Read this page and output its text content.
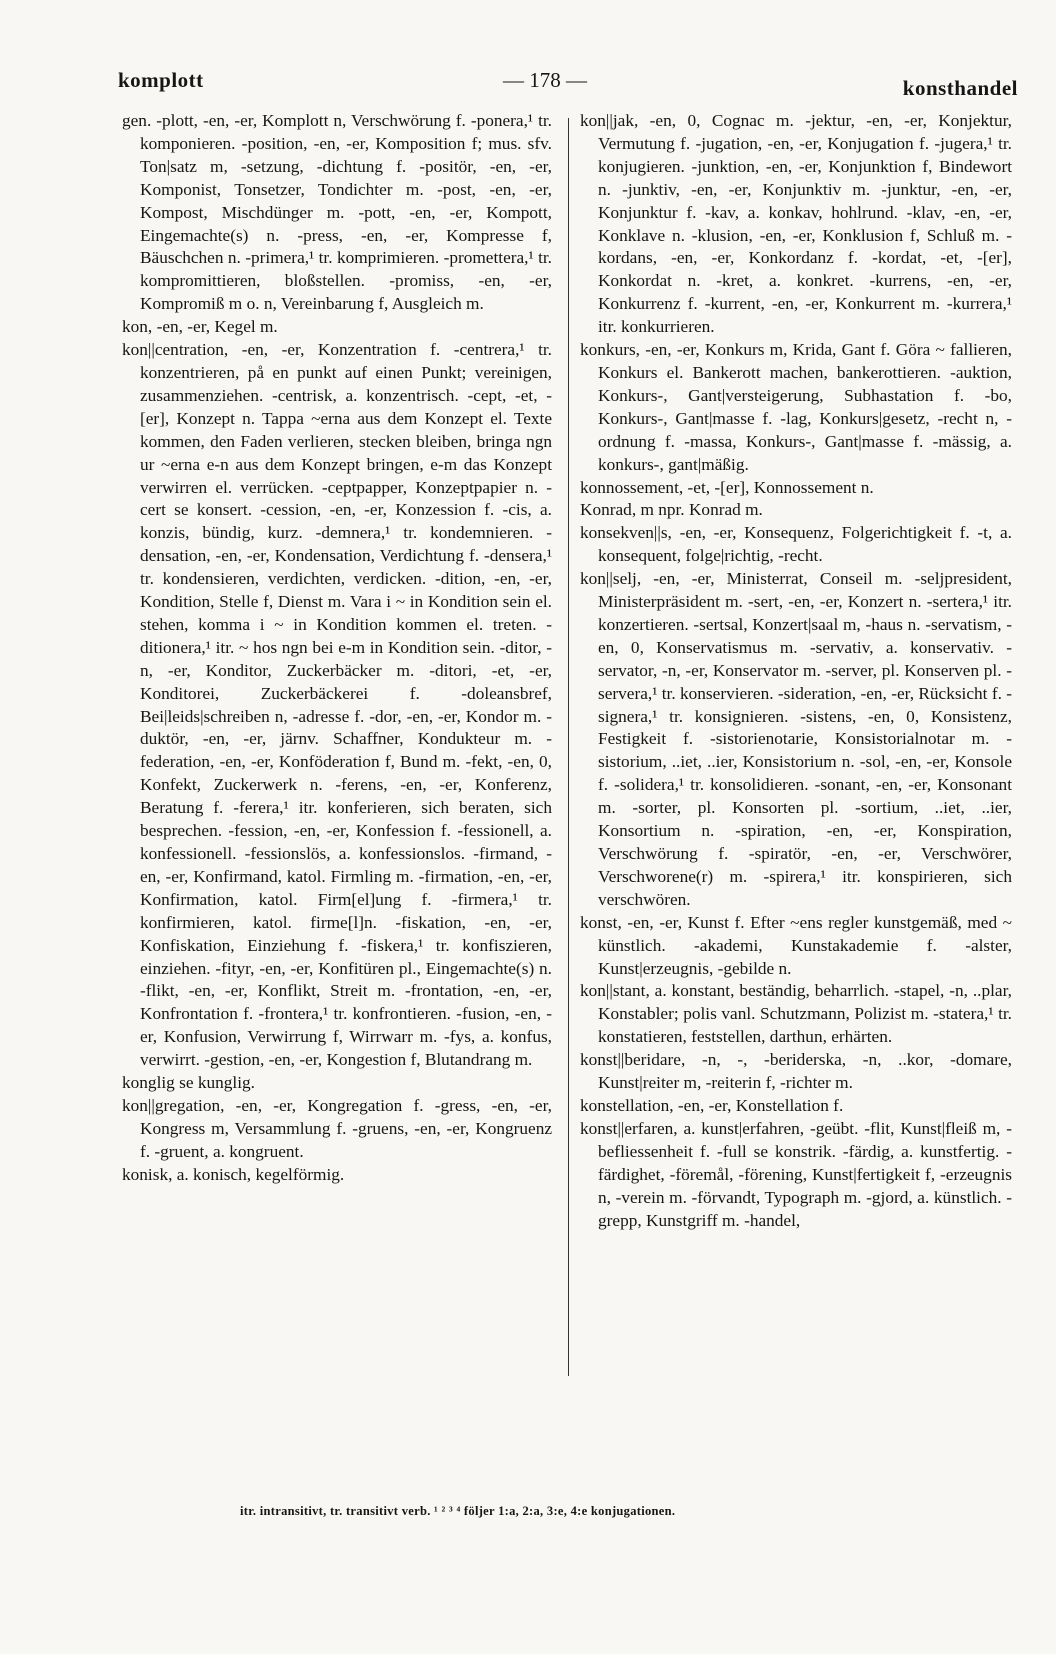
komplott	— 178 —	konsthandel

gen. -plott, -en, -er, Komplott n, Verschwörung f. -ponera,¹ tr. komponieren. -position, -en, -er, Komposition f; mus. sfv. Ton|satz m, -setzung, -dichtung f. -positör, -en, -er, Komponist, Tonsetzer, Tondichter m. -post, -en, -er, Kompost, Mischdünger m. -pott, -en, -er, Kompott, Eingemachte(s) n. -press, -en, -er, Kompresse f, Bäuschchen n. -primera,¹ tr. komprimieren. -promettera,¹ tr. kompromittieren, bloßstellen. -promiss, -en, -er, Kompromiß m o. n, Vereinbarung f, Ausgleich m.

kon, -en, -er, Kegel m.

kon||centration, -en, -er, Konzentration f. -centrera,¹ tr. konzentrieren, på en punkt auf einen Punkt; vereinigen, zusammenziehen. -centrisk, a. konzentrisch. -cept, -et, -[er], Konzept n. Tappa ~erna aus dem Konzept el. Texte kommen, den Faden verlieren, stecken bleiben, bringa ngn ur ~erna e-n aus dem Konzept bringen, e-m das Konzept verwirren el. verrücken. -ceptpapper, Konzeptpapier n. -cert se konsert. -cession, -en, -er, Konzession f. -cis, a. konzis, bündig, kurz. -demnera,¹ tr. kondemnieren. -densation, -en, -er, Kondensation, Verdichtung f. -densera,¹ tr. kondensieren, verdichten, verdicken. -dition, -en, -er, Kondition, Stelle f, Dienst m. Vara i ~ in Kondition sein el. stehen, komma i ~ in Kondition kommen el. treten. -ditionera,¹ itr. ~ hos ngn bei e-m in Kondition sein. -ditor, -n, -er, Konditor, Zuckerbäcker m. -ditori, -et, -er, Konditorei, Zuckerbäckerei f. -doleansbref, Bei|leids|schreiben n, -adresse f. -dor, -en, -er, Kondor m. -duktör, -en, -er, järnv. Schaffner, Kondukteur m. -federation, -en, -er, Konföderation f, Bund m. -fekt, -en, 0, Konfekt, Zuckerwerk n. -ferens, -en, -er, Konferenz, Beratung f. -ferera,¹ itr. konferieren, sich beraten, sich besprechen. -fession, -en, -er, Konfession f. -fessionell, a. konfessionell. -fessionslös, a. konfessionslos. -firmand, -en, -er, Konfirmand, katol. Firmling m. -firmation, -en, -er, Konfirmation, katol. Firm[el]ung f. -firmera,¹ tr. konfirmieren, katol. firme[l]n. -fiskation, -en, -er, Konfiskation, Einziehung f. -fiskera,¹ tr. konfiszieren, einziehen. -fityr, -en, -er, Konfitüren pl., Eingemachte(s) n. -flikt, -en, -er, Konflikt, Streit m. -frontation, -en, -er, Konfrontation f. -frontera,¹ tr. konfrontieren. -fusion, -en, -er, Konfusion, Verwirrung f, Wirrwarr m. -fys, a. konfus, verwirrt. -gestion, -en, -er, Kongestion f, Blutandrang m.

konglig se kunglig.

kon||gregation, -en, -er, Kongregation f. -gress, -en, -er, Kongress m, Versammlung f. -gruens, -en, -er, Kongruenz f. -gruent, a. kongruent.

konisk, a. konisch, kegelförmig.

kon||jak, -en, 0, Cognac m. -jektur, -en, -er, Konjektur, Vermutung f. -jugation, -en, -er, Konjugation f. -jugera,¹ tr. konjugieren. -junktion, -en, -er, Konjunktion f, Bindewort n. -junktiv, -en, -er, Konjunktiv m. -junktur, -en, -er, Konjunktur f. -kav, a. konkav, hohlrund. -klav, -en, -er, Konklave n. -klusion, -en, -er, Konklusion f, Schluß m. -kordans, -en, -er, Konkordanz f. -kordat, -et, -[er], Konkordat n. -kret, a. konkret. -kurrens, -en, -er, Konkurrenz f. -kurrent, -en, -er, Konkurrent m. -kurrera,¹ itr. konkurrieren.

konkurs, -en, -er, Konkurs m, Krida, Gant f. Göra ~ fallieren, Konkurs el. Bankerott machen, bankerottieren. -auktion, Konkurs-, Gant|versteigerung, Subhastation f. -bo, Konkurs-, Gant|masse f. -lag, Konkurs|gesetz, -recht n, -ordnung f. -massa, Konkurs-, Gant|masse f. -mässig, a. konkurs-, gant|mäßig.

konnossement, -et, -[er], Konnossement n.

Konrad, m npr. Konrad m.

konsekven||s, -en, -er, Konsequenz, Folgerichtigkeit f. -t, a. konsequent, folge|richtig, -recht.

kon||selj, -en, -er, Ministerrat, Conseil m. -seljpresident, Ministerpräsident m. -sert, -en, -er, Konzert n. -sertera,¹ itr. konzertieren. -sertsal, Konzert|saal m, -haus n. -servatism, -en, 0, Konservatismus m. -servativ, a. konservativ. -servator, -n, -er, Konservator m. -server, pl. Konserven pl. -servera,¹ tr. konservieren. -sideration, -en, -er, Rücksicht f. -signera,¹ tr. konsignieren. -sistens, -en, 0, Konsistenz, Festigkeit f. -sistorienotarie, Konsistorialnotar m. -sistorium, ..iet, ..ier, Konsistorium n. -sol, -en, -er, Konsole f. -solidera,¹ tr. konsolidieren. -sonant, -en, -er, Konsonant m. -sorter, pl. Konsorten pl. -sortium, ..iet, ..ier, Konsortium n. -spiration, -en, -er, Konspiration, Verschwörung f. -spiratör, -en, -er, Verschwörer, Verschworene(r) m. -spirera,¹ itr. konspirieren, sich verschwören.

konst, -en, -er, Kunst f. Efter ~ens regler kunstgemäß, med ~ künstlich. -akademi, Kunstakademie f. -alster, Kunst|erzeugnis, -gebilde n.

kon||stant, a. konstant, beständig, beharrlich. -stapel, -n, ..plar, Konstabler; polis vanl. Schutzmann, Polizist m. -statera,¹ tr. konstatieren, feststellen, darthun, erhärten.

konst||beridare, -n, -, -beriderska, -n, ..kor, -domare, Kunst|reiter m, -reiterin f, -richter m.

konstellation, -en, -er, Konstellation f.

konst||erfaren, a. kunst|erfahren, -geübt. -flit, Kunst|fleiß m, -befliessenheit f. -full se konstrik. -färdig, a. kunstfertig. -färdighet, -föremål, -förening, Kunst|fertigkeit f, -erzeugnis n, -verein m. -förvandt, Typograph m. -gjord, a. künstlich. -grepp, Kunstgriff m. -handel,

itr. intransitivt, tr. transitivt verb. ¹ ² ³ ⁴ följer 1:a, 2:a, 3:e, 4:e konjugationen.
